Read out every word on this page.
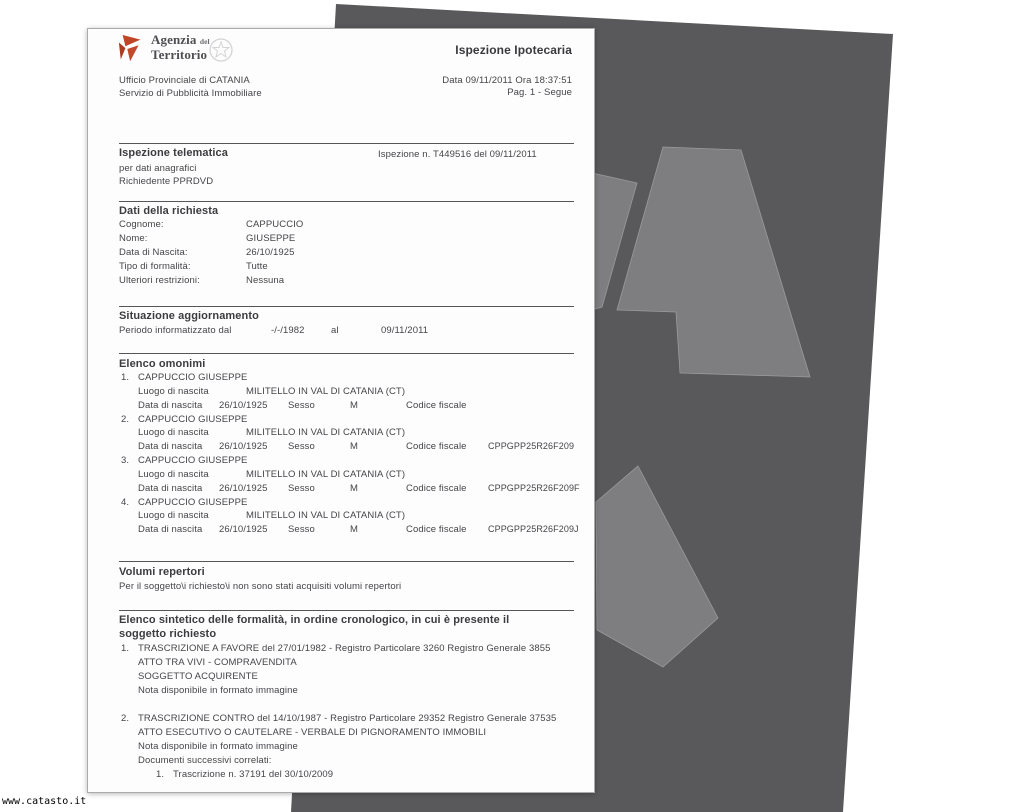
Agenzia del
Territorio	Ispezione Ipotecaria
Ufficio Provinciale di CATANIA
Servizio di Pubblicità Immobiliare
Data 09/11/2011 Ora 18:37:51
Pag. 1 - Segue
Ispezione telematica	Ispezione n. T449516 del 09/11/2011
per dati anagrafici
Richiedente PPRDVD
Dati della richiesta
Cognome:	CAPPUCCIO
Nome:	GIUSEPPE
Data di Nascita:	26/10/1925
Tipo di formalità:	Tutte
Ulteriori restrizioni:	Nessuna
Situazione aggiornamento
Periodo informatizzato dal	-/-/1982	al	09/11/2011
Elenco omonimi
1. CAPPUCCIO GIUSEPPE
Luogo di nascita	MILITELLO IN VAL DI CATANIA (CT)
Data di nascita 26/10/1925 Sesso	M	Codice fiscale
2. CAPPUCCIO GIUSEPPE
Luogo di nascita	MILITELLO IN VAL DI CATANIA (CT)
Data di nascita 26/10/1925 Sesso	M	Codice fiscale CPPGPP25R26F209
3. CAPPUCCIO GIUSEPPE
Luogo di nascita	MILITELLO IN VAL DI CATANIA (CT)
Data di nascita 26/10/1925 Sesso	M	Codice fiscale CPPGPP25R26F209F
4. CAPPUCCIO GIUSEPPE
Luogo di nascita	MILITELLO IN VAL DI CATANIA (CT)
Data di nascita 26/10/1925 Sesso	M	Codice fiscale CPPGPP25R26F209J
Volumi repertori
Per il soggetto\i richiesto\i non sono stati acquisiti volumi repertori
Elenco sintetico delle formalità, in ordine cronologico, in cui è presente il
soggetto richiesto
1. TRASCRIZIONE A FAVORE del 27/01/1982 - Registro Particolare 3260 Registro Generale 3855
ATTO TRA VIVI - COMPRAVENDITA
SOGGETTO ACQUIRENTE
Nota disponibile in formato immagine
2. TRASCRIZIONE CONTRO del 14/10/1987 - Registro Particolare 29352 Registro Generale 37535
ATTO ESECUTIVO O CAUTELARE - VERBALE DI PIGNORAMENTO IMMOBILI
Nota disponibile in formato immagine
Documenti successivi correlati:
1. Trascrizione n. 37191 del 30/10/2009
www.catasto.it
